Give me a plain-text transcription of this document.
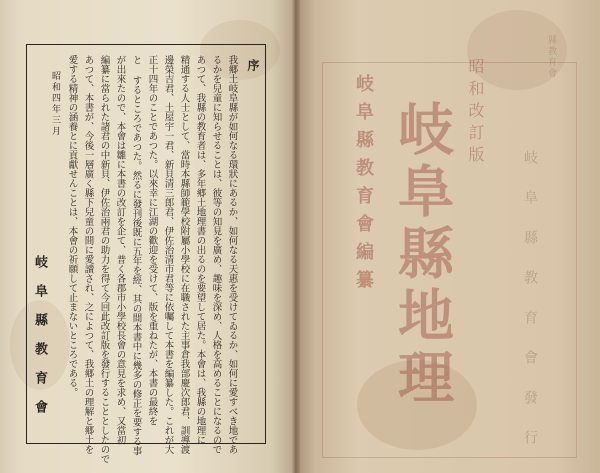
序
我郷土岐阜縣が如何なる環狀にあるか、如何なる天惠を受けてゐるか、如何に愛すべき地であ
るかを兒童に知らせることは、彼等の知見を廣め、趣味を深め、人格を高めることになるので
あつて、我縣の教育者は、多年郷土地理書の出るのを要望して居た。本會は、我縣の地理に
精通する人士として、當時本縣師範學校附屬小學校に在職された主事倉我部慶次郎君、訓導渡
邊榮吉君、土屋宇一君、新貝清三郎君、伊佐治清市君等に依囑して本書を編纂した。これが大
正十四年のことであつた。以來幸に江湖の歡迎を受けて、版を重ねたが、本書の最終を
と するところであつた。然るに發刊後既に五年を經、其の間本書中に幾多の修正を要する事
が出來たので、本會は雛に本書の改訂を企て、普く各郡市小學校長會の意見を求め、又當初
編纂に當られた諸君の中新貝、伊佐治兩君の助力を得て今回此改訂版を發行することとしたので
あつて、本書が、今後一層廣く縣下兒童の間に愛讀され、之によつて、我郷土の理解と郷土を
愛する精神の涵養とに貢獻せんことは、本會の祈願して止まないところである。
昭和四年三月
岐阜縣教育會
縣教育會
岐阜縣教育會發行
昭和改訂版
岐阜縣地理
岐阜縣教育會編纂
